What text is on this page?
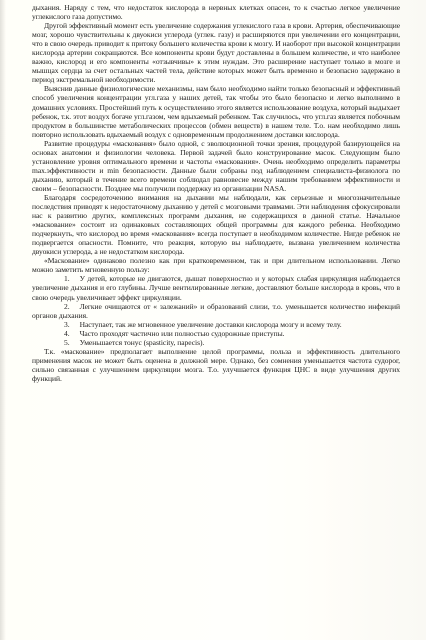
дыхания. Наряду с тем, что недостаток кислорода в нервных клетках опасен, то к счастью легкое увеличение углекислого газа допустимо.

Другой эффективный момент есть увеличение содержания углекислого газа в крови. Артерия, обеспечивающие мозг, хорошо чувствительны к двуокиси углерода (углек. газу) и расширяются при увеличении его концентрации, что в свою очередь приводит к притоку большего количества крови к мозгу. И наоборот при высокой концентрации кислорода артерии сокращаются. Все компоненты крови будут доставлены в большем количестве, и что наиболее важно, кислород и его компоненты «отзывчивы» к этим нуждам. Это расширение наступает только в мозге и мышцах сердца за счет остальных частей тела, действие которых может быть временно и безопасно задержано в период экстремальной необходимости.

Выяснив данные физиологические механизмы, нам было необходимо найти только безопасный и эффективный способ увеличения концентрации угл.газа у наших детей, так чтобы это было безопасно и легко выполнимо в домашних условиях. Простейший путь к осуществлению этого является использование воздуха, который выдыхает ребенок, т.к. этот воздух богаче угл.газом, чем вдыхаемый ребенком. Так случилось, что угл.газ является побочным продуктом в большинстве метаболических процессов (обмен веществ) в нашем теле. Т.о. нам необходимо лишь повторно использовать вдыхаемый воздух с одновременным продолжением доставки кислорода.

Развитие процедуры «маскования» было одной, с эволюционной точки зрения, процедурой базирующейся на основах анатомии и физиологии человека. Первой задачей было конструирование масок. Следующим было установление уровня оптимального времени и частоты «маскования». Очень необходимо определить параметры max.эффективности и min безопасности. Данные были собраны под наблюдением специалиста-физиолога по дыханию, который в течение всего времени соблюдал равновесие между нашим требованием эффективности и своим – безопасности. Позднее мы получили поддержку из организации NASA.

Благодаря сосредоточению внимания на дыхании мы наблюдали, как серьезные и многозначительные последствия приводят к недостаточному дыханию у детей с мозговыми травмами. Эти наблюдения сфокусировали нас к развитию других, комплексных программ дыхания, не содержащихся в данной статье. Начальное «маскование» состоит из одинаковых составляющих общей программы для каждого ребенка. Необходимо подчеркнуть, что кислород во время «маскования» всегда поступает в необходимом количестве. Нигде ребенок не подвергается опасности. Помните, что реакция, которую вы наблюдаете, вызвана увеличением количества двуокиси углерода, а не недостатком кислорода.

«Маскование» одинаково полезно как при кратковременном, так и при длительном использовании. Легко можно заметить мгновенную пользу:

1. У детей, которые не двигаются, дышат поверхностно и у которых слабая циркуляция наблюдается увеличение дыхания и его глубины. Лучше вентилированные легкие, доставляют больше кислорода в кровь, что в свою очередь увеличивает эффект циркуляции.
2. Легкие очищаются от « залежаний» и образований слизи, т.о. уменьшается количество инфекций органов дыхания.
3. Наступает, так же мгновенное увеличение доставки кислорода мозгу и всему телу.
4. Часто проходят частично или полностью судорожные приступы.
5. Уменьшается тонус (spasticity, паресis).

Т.к. «маскование» предполагает выполнение целой программы, польза и эффективность длительного применения масок не может быть оценена в должной мере. Однако, без сомнения уменьшается частота судорог, сильно связанная с улучшением циркуляции мозга. Т.о. улучшается функция ЦНС в виде улучшения других функций.
